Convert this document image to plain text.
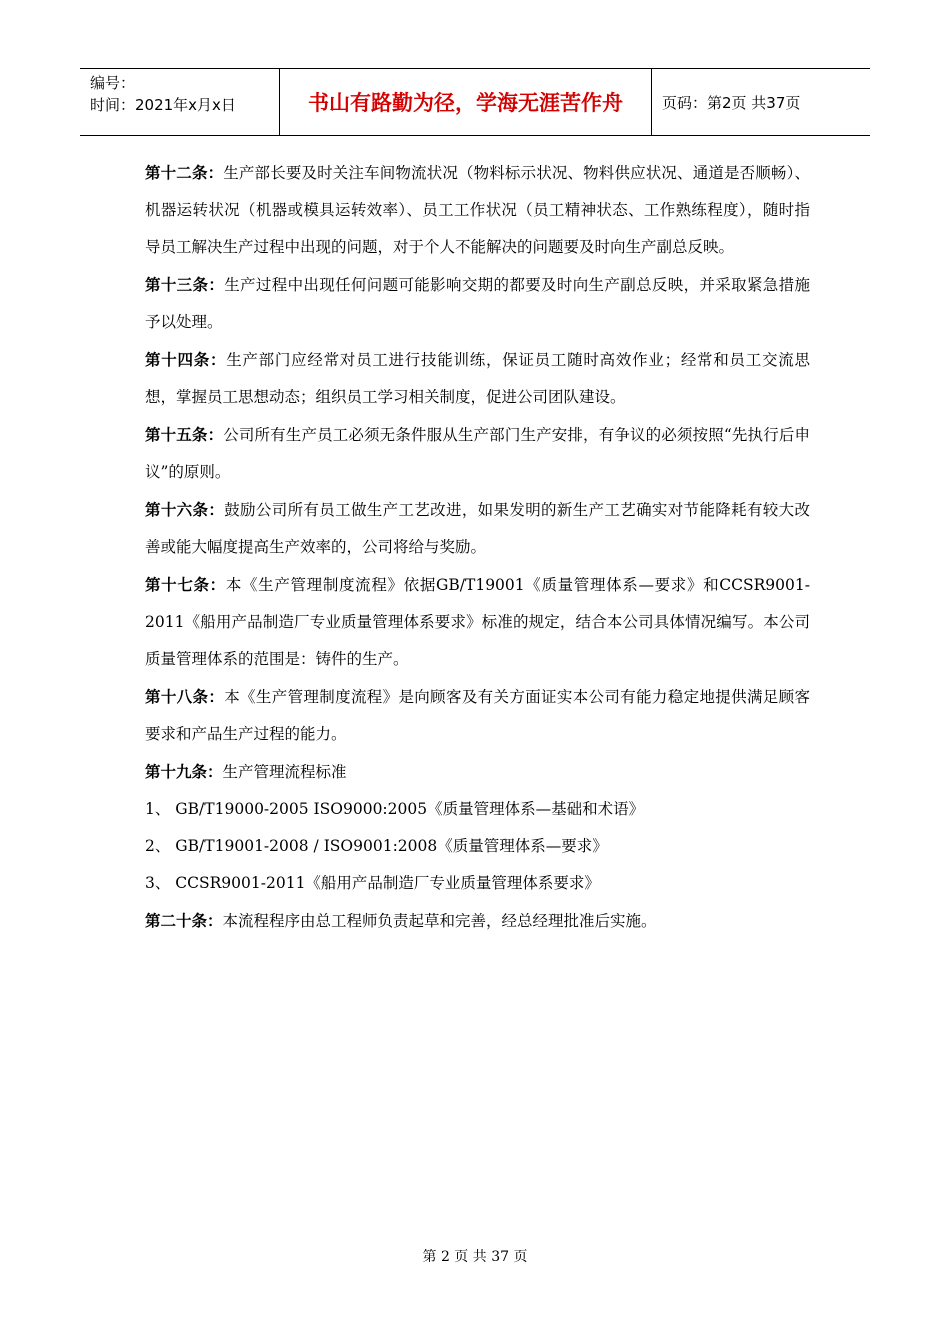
编号：
时间：2021年x月x日	书山有路勤为径，学海无涯苦作舟	页码：第2页 共37页

第十二条：生产部长要及时关注车间物流状况（物料标示状况、物料供应状况、通道是否顺畅）、机器运转状况（机器或模具运转效率）、员工工作状况（员工精神状态、工作熟练程度），随时指导员工解决生产过程中出现的问题，对于个人不能解决的问题要及时向生产副总反映。

第十三条：生产过程中出现任何问题可能影响交期的都要及时向生产副总反映，并采取紧急措施予以处理。

第十四条：生产部门应经常对员工进行技能训练，保证员工随时高效作业；经常和员工交流思想，掌握员工思想动态；组织员工学习相关制度，促进公司团队建设。

第十五条：公司所有生产员工必须无条件服从生产部门生产安排，有争议的必须按照“先执行后申议”的原则。

第十六条：鼓励公司所有员工做生产工艺改进，如果发明的新生产工艺确实对节能降耗有较大改善或能大幅度提高生产效率的，公司将给与奖励。

第十七条：本《生产管理制度流程》依据GB/T19001《质量管理体系—要求》和CCSR9001-2011《船用产品制造厂专业质量管理体系要求》标准的规定，结合本公司具体情况编写。本公司质量管理体系的范围是：铸件的生产。

第十八条：本《生产管理制度流程》是向顾客及有关方面证实本公司有能力稳定地提供满足顾客要求和产品生产过程的能力。

第十九条：生产管理流程标准

1、 GB/T19000-2005 ISO9000:2005《质量管理体系—基础和术语》

2、 GB/T19001-2008 / ISO9001:2008《质量管理体系—要求》

3、 CCSR9001-2011《船用产品制造厂专业质量管理体系要求》

第二十条：本流程程序由总工程师负责起草和完善，经总经理批准后实施。

第 2 页 共 37 页
